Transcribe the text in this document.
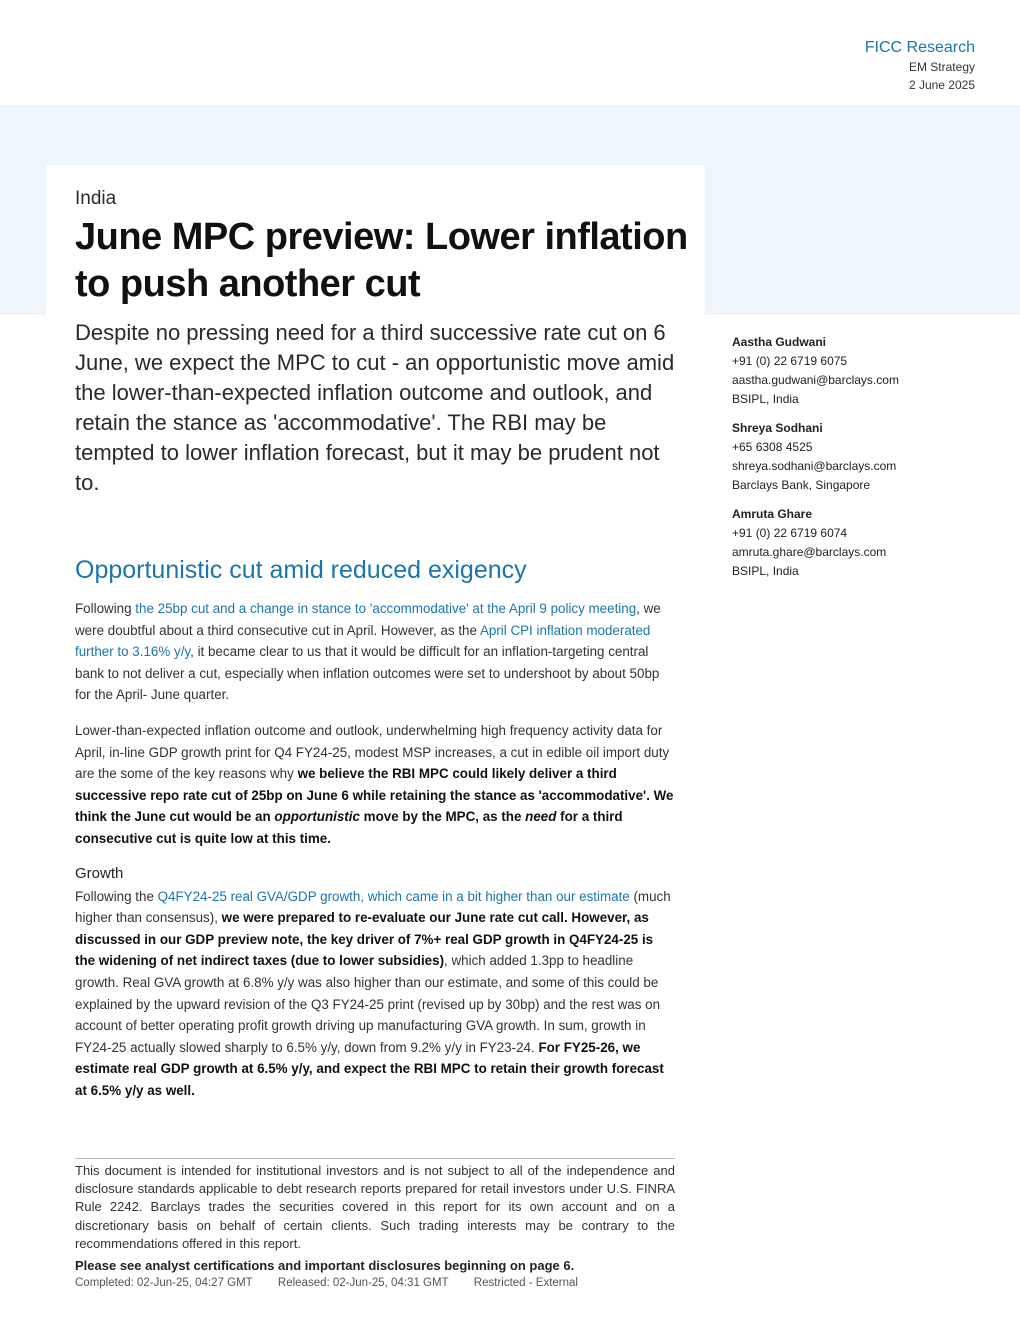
FICC Research
EM Strategy
2 June 2025
India
June MPC preview: Lower inflation to push another cut

Despite no pressing need for a third successive rate cut on 6 June, we expect the MPC to cut - an opportunistic move amid the lower-than-expected inflation outcome and outlook, and retain the stance as 'accommodative'. The RBI may be tempted to lower inflation forecast, but it may be prudent not to.

Aastha Gudwani
+91 (0) 22 6719 6075
aastha.gudwani@barclays.com
BSIPL, India
Shreya Sodhani
+65 6308 4525
shreya.sodhani@barclays.com
Barclays Bank, Singapore
Amruta Ghare
+91 (0) 22 6719 6074
amruta.ghare@barclays.com
BSIPL, India
Opportunistic cut amid reduced exigency

Following the 25bp cut and a change in stance to 'accommodative' at the April 9 policy meeting, we were doubtful about a third consecutive cut in April. However, as the April CPI inflation moderated further to 3.16% y/y, it became clear to us that it would be difficult for an inflation-targeting central bank to not deliver a cut, especially when inflation outcomes were set to undershoot by about 50bp for the April- June quarter.

Lower-than-expected inflation outcome and outlook, underwhelming high frequency activity data for April, in-line GDP growth print for Q4 FY24-25, modest MSP increases, a cut in edible oil import duty are the some of the key reasons why we believe the RBI MPC could likely deliver a third successive repo rate cut of 25bp on June 6 while retaining the stance as 'accommodative'. We think the June cut would be an opportunistic move by the MPC, as the need for a third consecutive cut is quite low at this time.

Growth

Following the Q4FY24-25 real GVA/GDP growth, which came in a bit higher than our estimate (much higher than consensus), we were prepared to re-evaluate our June rate cut call. However, as discussed in our GDP preview note, the key driver of 7%+ real GDP growth in Q4FY24-25 is the widening of net indirect taxes (due to lower subsidies), which added 1.3pp to headline growth. Real GVA growth at 6.8% y/y was also higher than our estimate, and some of this could be explained by the upward revision of the Q3 FY24-25 print (revised up by 30bp) and the rest was on account of better operating profit growth driving up manufacturing GVA growth. In sum, growth in FY24-25 actually slowed sharply to 6.5% y/y, down from 9.2% y/y in FY23-24. For FY25-26, we estimate real GDP growth at 6.5% y/y, and expect the RBI MPC to retain their growth forecast at 6.5% y/y as well.

This document is intended for institutional investors and is not subject to all of the independence and disclosure standards applicable to debt research reports prepared for retail investors under U.S. FINRA Rule 2242. Barclays trades the securities covered in this report for its own account and on a discretionary basis on behalf of certain clients. Such trading interests may be contrary to the recommendations offered in this report.
Please see analyst certifications and important disclosures beginning on page 6.
Completed: 02-Jun-25, 04:27 GMT Released: 02-Jun-25, 04:31 GMT Restricted - External
